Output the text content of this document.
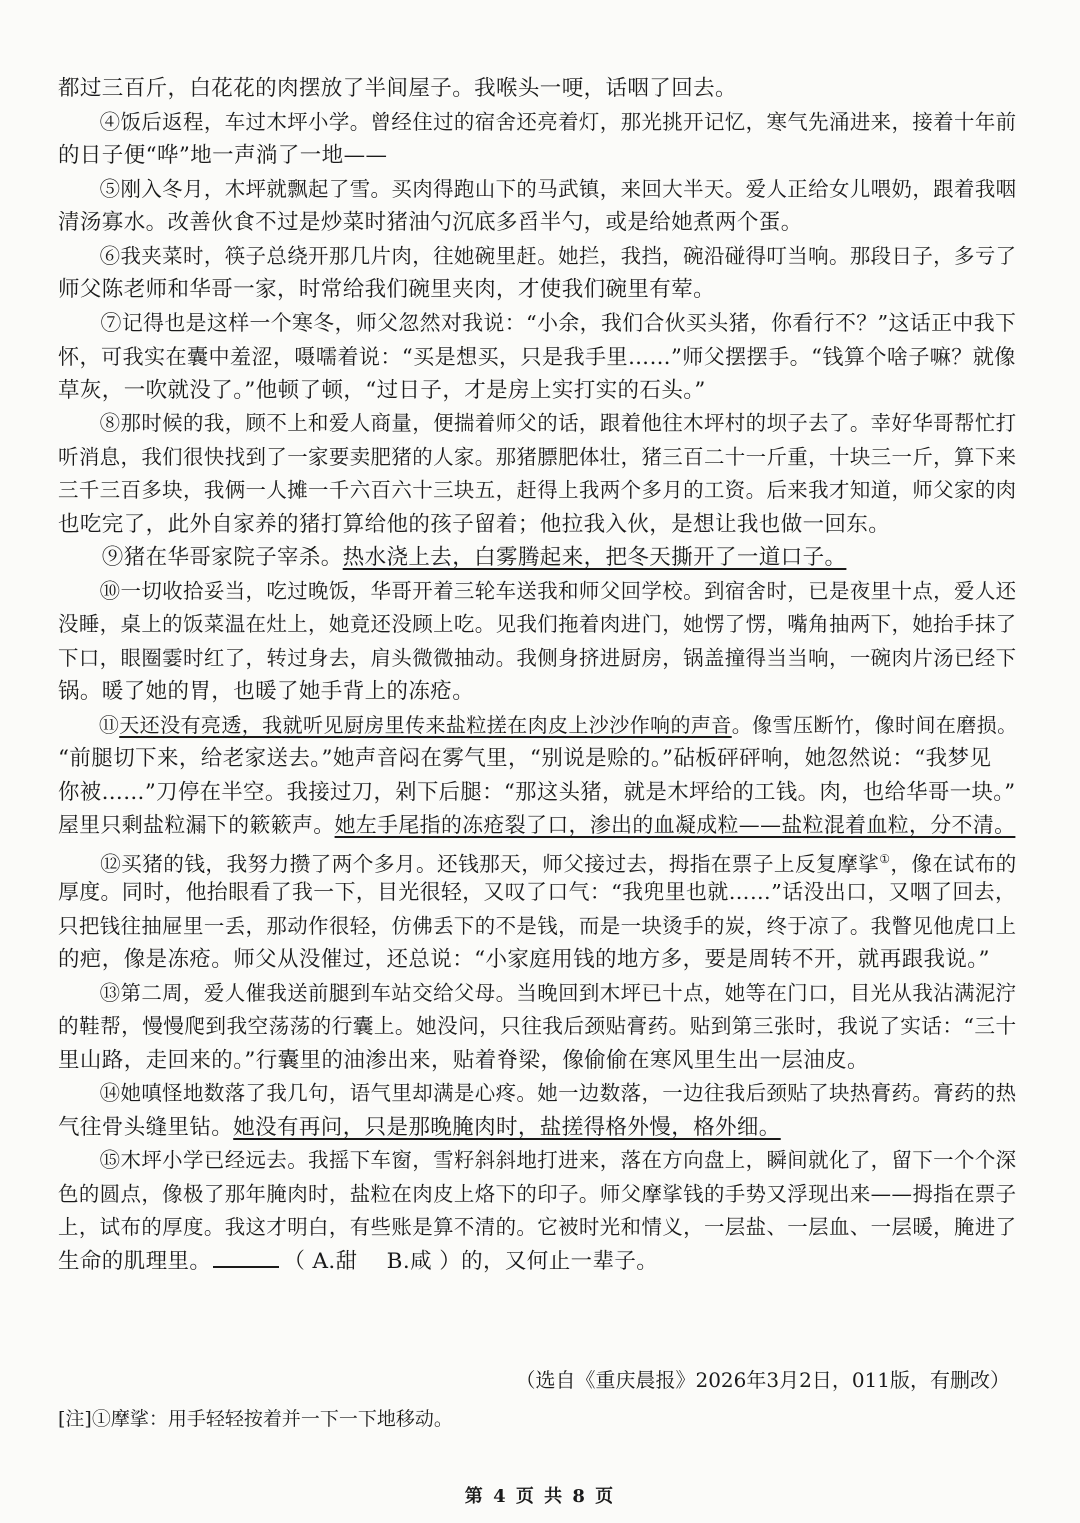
都过三百斤，白花花的肉摆放了半间屋子。我喉头一哽，话咽了回去。
　　④饭后返程，车过木坪小学。曾经住过的宿舍还亮着灯，那光挑开记忆，寒气先涌进来，接着十年前
的日子便“哗”地一声淌了一地——
　　⑤刚入冬月，木坪就飘起了雪。买肉得跑山下的马武镇，来回大半天。爱人正给女儿喂奶，跟着我咽
清汤寡水。改善伙食不过是炒菜时猪油勺沉底多舀半勺，或是给她煮两个蛋。
　　⑥我夹菜时，筷子总绕开那几片肉，往她碗里赶。她拦，我挡，碗沿碰得叮当响。那段日子，多亏了
师父陈老师和华哥一家，时常给我们碗里夹肉，才使我们碗里有荤。
　　⑦记得也是这样一个寒冬，师父忽然对我说：“小余，我们合伙买头猪，你看行不？”这话正中我下
怀，可我实在囊中羞涩，嗫嚅着说：“买是想买，只是我手里……”师父摆摆手。“钱算个啥子嘛？就像
草灰，一吹就没了。”他顿了顿，“过日子，才是房上实打实的石头。”
　　⑧那时候的我，顾不上和爱人商量，便揣着师父的话，跟着他往木坪村的坝子去了。幸好华哥帮忙打
听消息，我们很快找到了一家要卖肥猪的人家。那猪膘肥体壮，猪三百二十一斤重，十块三一斤，算下来
三千三百多块，我俩一人摊一千六百六十三块五，赶得上我两个多月的工资。后来我才知道，师父家的肉
也吃完了，此外自家养的猪打算给他的孩子留着；他拉我入伙，是想让我也做一回东。
　　⑨猪在华哥家院子宰杀。热水浇上去，白雾腾起来，把冬天撕开了一道口子。
　　⑩一切收拾妥当，吃过晚饭，华哥开着三轮车送我和师父回学校。到宿舍时，已是夜里十点，爱人还
没睡，桌上的饭菜温在灶上，她竟还没顾上吃。见我们拖着肉进门，她愣了愣，嘴角抽两下，她抬手抹了
下口，眼圈霎时红了，转过身去，肩头微微抽动。我侧身挤进厨房，锅盖撞得当当响，一碗肉片汤已经下
锅。暖了她的胃，也暖了她手背上的冻疮。
　　⑪天还没有亮透，我就听见厨房里传来盐粒搓在肉皮上沙沙作响的声音。像雪压断竹，像时间在磨损。
“前腿切下来，给老家送去。”她声音闷在雾气里，“别说是赊的。”砧板砰砰响，她忽然说：“我梦见
你被……”刀停在半空。我接过刀，剁下后腿：“那这头猪，就是木坪给的工钱。肉，也给华哥一块。”
屋里只剩盐粒漏下的簌簌声。她左手尾指的冻疮裂了口，渗出的血凝成粒——盐粒混着血粒，分不清。
　　⑫买猪的钱，我努力攒了两个多月。还钱那天，师父接过去，拇指在票子上反复摩挲①，像在试布的
厚度。同时，他抬眼看了我一下，目光很轻，又叹了口气：“我兜里也就……”话没出口，又咽了回去，
只把钱往抽屉里一丢，那动作很轻，仿佛丢下的不是钱，而是一块烫手的炭，终于凉了。我瞥见他虎口上
的疤，像是冻疮。师父从没催过，还总说：“小家庭用钱的地方多，要是周转不开，就再跟我说。”
　　⑬第二周，爱人催我送前腿到车站交给父母。当晚回到木坪已十点，她等在门口，目光从我沾满泥泞
的鞋帮，慢慢爬到我空荡荡的行囊上。她没问，只往我后颈贴膏药。贴到第三张时，我说了实话：“三十
里山路，走回来的。”行囊里的油渗出来，贴着脊梁，像偷偷在寒风里生出一层油皮。
　　⑭她嗔怪地数落了我几句，语气里却满是心疼。她一边数落，一边往我后颈贴了块热膏药。膏药的热
气往骨头缝里钻。她没有再问，只是那晚腌肉时，盐搓得格外慢，格外细。
　　⑮木坪小学已经远去。我摇下车窗，雪籽斜斜地打进来，落在方向盘上，瞬间就化了，留下一个个深
色的圆点，像极了那年腌肉时，盐粒在肉皮上烙下的印子。师父摩挲钱的手势又浮现出来——拇指在票子
上，试布的厚度。我这才明白，有些账是算不清的。它被时光和情义，一层盐、一层血、一层暖，腌进了
生命的肌理里。	（ A.甜　 B.咸 ）的，又何止一辈子。
（选自《重庆晨报》2026年3月2日，011版，有删改）
[注]①摩挲：用手轻轻按着并一下一下地移动。
第 4 页 共 8 页
